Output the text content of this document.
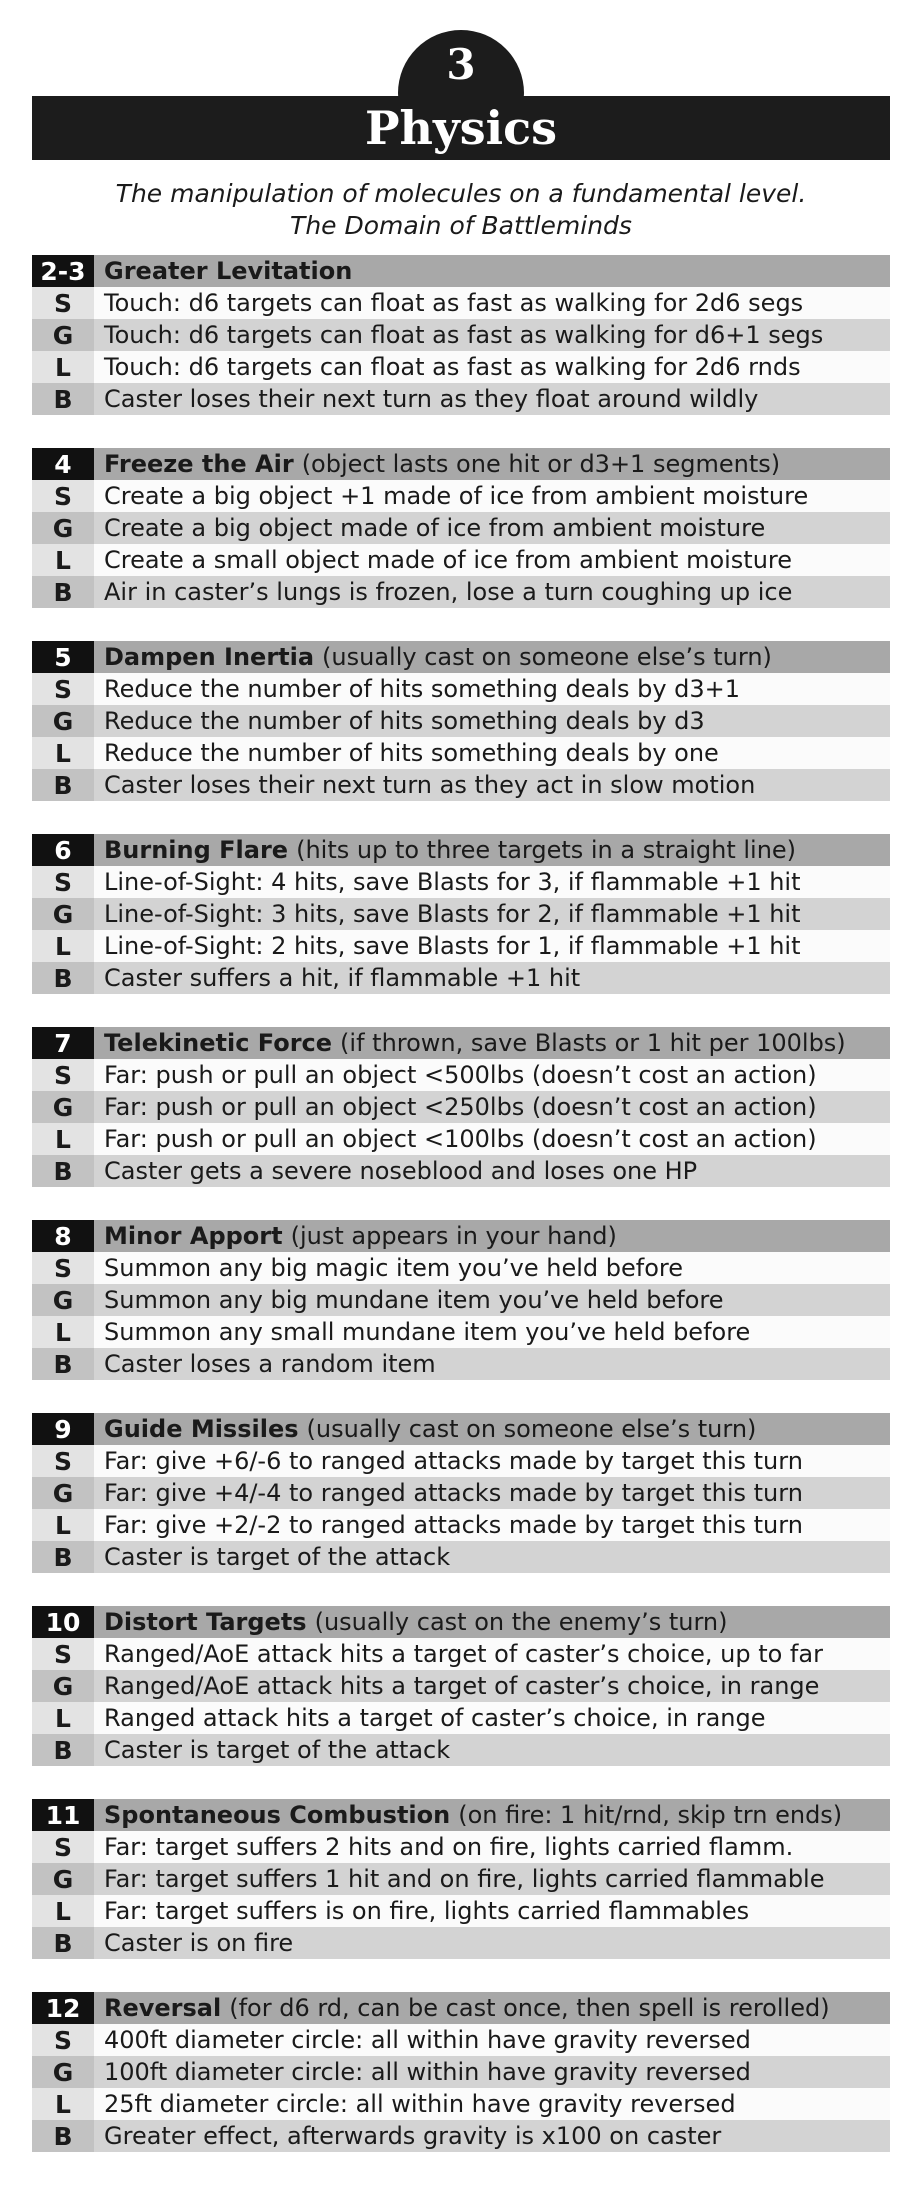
3
Physics
The manipulation of molecules on a fundamental level.
The Domain of Battleminds
2-3 Greater Levitation
S	Touch: d6 targets can float as fast as walking for 2d6 segs
G	Touch: d6 targets can float as fast as walking for d6+1 segs
L	Touch: d6 targets can float as fast as walking for 2d6 rnds
B	Caster loses their next turn as they float around wildly
4	Freeze the Air (object lasts one hit or d3+1 segments)
S	Create a big object +1 made of ice from ambient moisture
G	Create a big object made of ice from ambient moisture
L	Create a small object made of ice from ambient moisture
B	Air in caster’s lungs is frozen, lose a turn coughing up ice
5	Dampen Inertia (usually cast on someone else’s turn)
S	Reduce the number of hits something deals by d3+1
G	Reduce the number of hits something deals by d3
L	Reduce the number of hits something deals by one
B	Caster loses their next turn as they act in slow motion
6	Burning Flare (hits up to three targets in a straight line)
S	Line-of-Sight: 4 hits, save Blasts for 3, if flammable +1 hit
G	Line-of-Sight: 3 hits, save Blasts for 2, if flammable +1 hit
L	Line-of-Sight: 2 hits, save Blasts for 1, if flammable +1 hit
B	Caster suffers a hit, if flammable +1 hit
7	Telekinetic Force (if thrown, save Blasts or 1 hit per 100lbs)
S	Far: push or pull an object <500lbs (doesn’t cost an action)
G	Far: push or pull an object <250lbs (doesn’t cost an action)
L	Far: push or pull an object <100lbs (doesn’t cost an action)
B	Caster gets a severe noseblood and loses one HP
8	Minor Apport (just appears in your hand)
S	Summon any big magic item you’ve held before
G	Summon any big mundane item you’ve held before
L	Summon any small mundane item you’ve held before
B	Caster loses a random item
9	Guide Missiles (usually cast on someone else’s turn)
S	Far: give +6/-6 to ranged attacks made by target this turn
G	Far: give +4/-4 to ranged attacks made by target this turn
L	Far: give +2/-2 to ranged attacks made by target this turn
B	Caster is target of the attack
10 Distort Targets (usually cast on the enemy’s turn)
S	Ranged/AoE attack hits a target of caster’s choice, up to far
G	Ranged/AoE attack hits a target of caster’s choice, in range
L	Ranged attack hits a target of caster’s choice, in range
B	Caster is target of the attack
11 Spontaneous Combustion (on fire: 1 hit/rnd, skip trn ends)
S	Far: target suffers 2 hits and on fire, lights carried flamm.
G	Far: target suffers 1 hit and on fire, lights carried flammable
L	Far: target suffers is on fire, lights carried flammables
B	Caster is on fire
12 Reversal (for d6 rd, can be cast once, then spell is rerolled)
S	400ft diameter circle: all within have gravity reversed
G	100ft diameter circle: all within have gravity reversed
L	25ft diameter circle: all within have gravity reversed
B	Greater effect, afterwards gravity is x100 on caster
